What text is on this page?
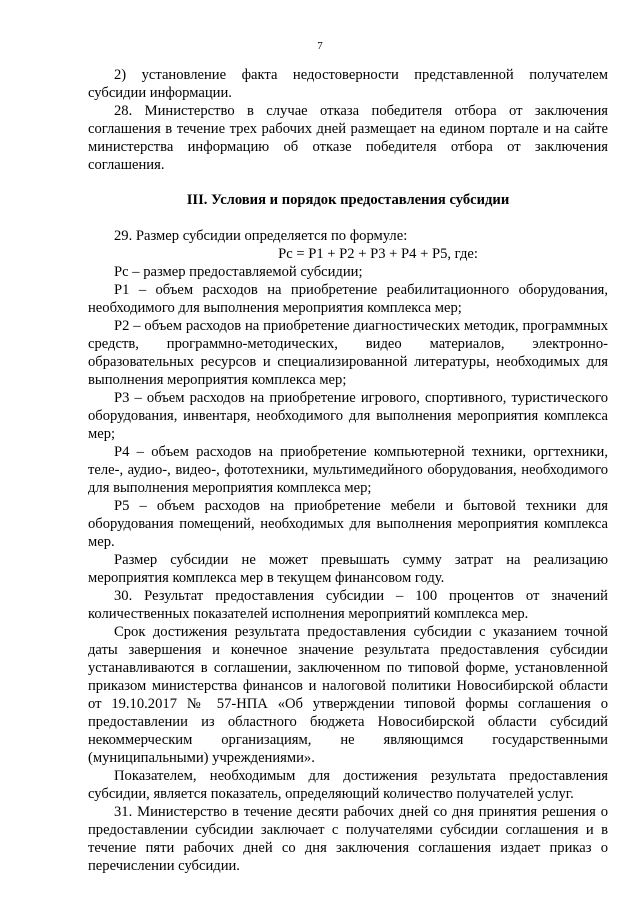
7

2) установление факта недостоверности представленной получателем субсидии информации.

28. Министерство в случае отказа победителя отбора от заключения соглашения в течение трех рабочих дней размещает на едином портале и на сайте министерства информацию об отказе победителя отбора от заключения соглашения.

III. Условия и порядок предоставления субсидии

29. Размер субсидии определяется по формуле:

Рс = Р1 + Р2 + Р3 + Р4 + Р5, где:

Рс – размер предоставляемой субсидии;

Р1 – объем расходов на приобретение реабилитационного оборудования, необходимого для выполнения мероприятия комплекса мер;

Р2 – объем расходов на приобретение диагностических методик, программных средств, программно-методических, видео материалов, электронно-образовательных ресурсов и специализированной литературы, необходимых для выполнения мероприятия комплекса мер;

Р3 – объем расходов на приобретение игрового, спортивного, туристического оборудования, инвентаря, необходимого для выполнения мероприятия комплекса мер;

Р4 – объем расходов на приобретение компьютерной техники, оргтехники, теле-, аудио-, видео-, фототехники, мультимедийного оборудования, необходимого для выполнения мероприятия комплекса мер;

Р5 – объем расходов на приобретение мебели и бытовой техники для оборудования помещений, необходимых для выполнения мероприятия комплекса мер.

Размер субсидии не может превышать сумму затрат на реализацию мероприятия комплекса мер в текущем финансовом году.

30. Результат предоставления субсидии – 100 процентов от значений количественных показателей исполнения мероприятий комплекса мер.

Срок достижения результата предоставления субсидии с указанием точной даты завершения и конечное значение результата предоставления субсидии устанавливаются в соглашении, заключенном по типовой форме, установленной приказом министерства финансов и налоговой политики Новосибирской области от 19.10.2017 № 57-НПА «Об утверждении типовой формы соглашения о предоставлении из областного бюджета Новосибирской области субсидий некоммерческим организациям, не являющимся государственными (муниципальными) учреждениями».

Показателем, необходимым для достижения результата предоставления субсидии, является показатель, определяющий количество получателей услуг.

31. Министерство в течение десяти рабочих дней со дня принятия решения о предоставлении субсидии заключает с получателями субсидии соглашения и в течение пяти рабочих дней со дня заключения соглашения издает приказ о перечислении субсидии.
